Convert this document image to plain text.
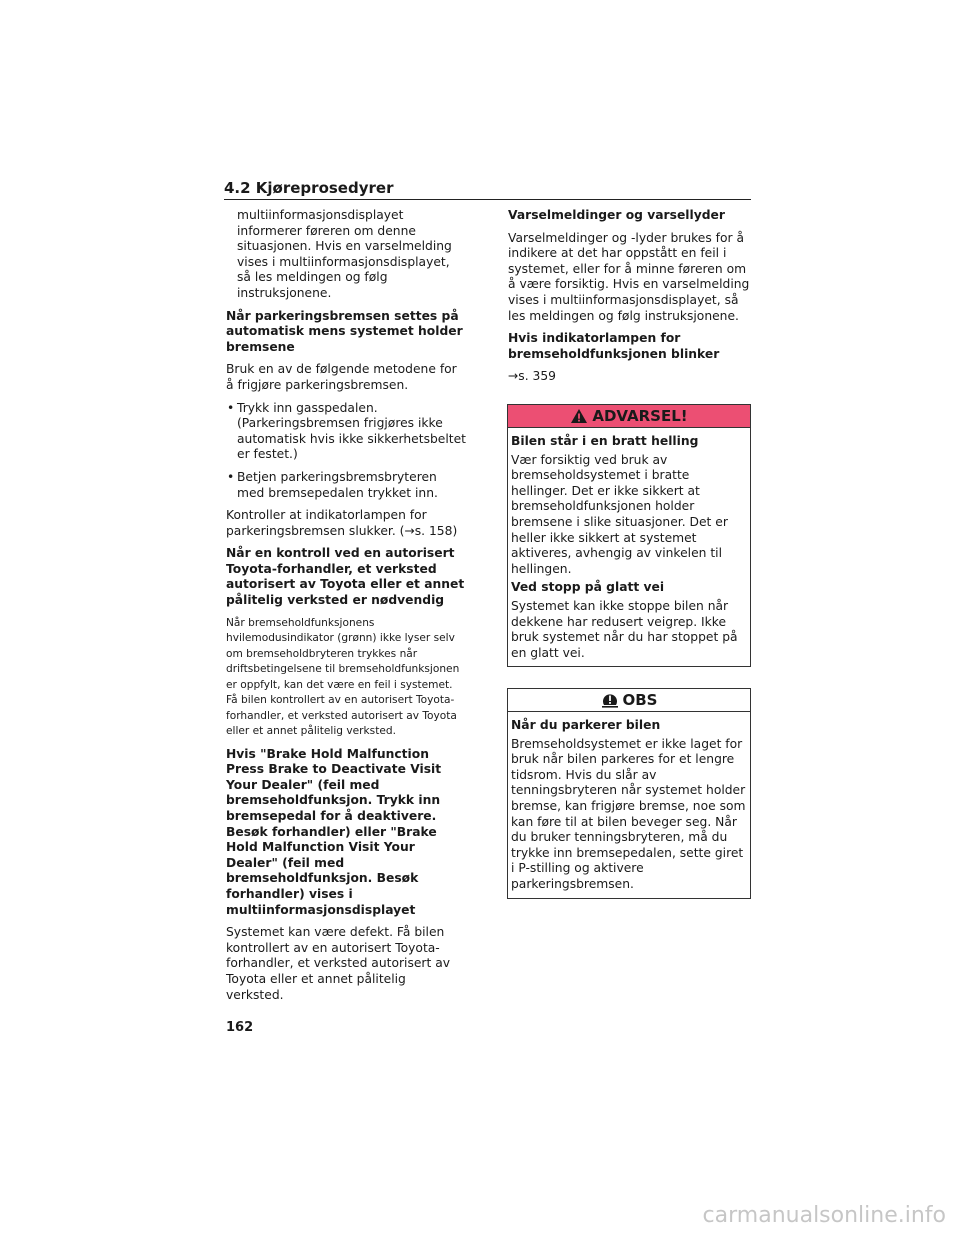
4.2 Kjøreprosedyrer

multiinformasjonsdisplayet informerer føreren om denne situasjonen. Hvis en varselmelding vises i multiinformasjonsdisplayet, så les meldingen og følg instruksjonene.

Når parkeringsbremsen settes på automatisk mens systemet holder bremsene

Bruk en av de følgende metodene for å frigjøre parkeringsbremsen.

• Trykk inn gasspedalen.
(Parkeringsbremsen frigjøres ikke automatisk hvis ikke sikkerhetsbeltet er festet.)
• Betjen parkeringsbremsbryteren med bremsepedalen trykket inn.

Kontroller at indikatorlampen for parkeringsbremsen slukker. (→s. 158)

Når en kontroll ved en autorisert Toyota-forhandler, et verksted autorisert av Toyota eller et annet pålitelig verksted er nødvendig

Når bremseholdfunksjonens hvilemodusindikator (grønn) ikke lyser selv om bremseholdbryteren trykkes når driftsbetingelsene til bremseholdfunksjonen er oppfylt, kan det være en feil i systemet. Få bilen kontrollert av en autorisert Toyota-forhandler, et verksted autorisert av Toyota eller et annet pålitelig verksted.

Hvis "Brake Hold Malfunction Press Brake to Deactivate Visit Your Dealer" (feil med bremseholdfunksjon. Trykk inn bremsepedal for å deaktivere. Besøk forhandler) eller "Brake Hold Malfunction Visit Your Dealer" (feil med bremseholdfunksjon. Besøk forhandler) vises i multiinformasjonsdisplayet

Systemet kan være defekt. Få bilen kontrollert av en autorisert Toyota-forhandler, et verksted autorisert av Toyota eller et annet pålitelig verksted.

Varselmeldinger og varsellyder

Varselmeldinger og -lyder brukes for å indikere at det har oppstått en feil i systemet, eller for å minne føreren om å være forsiktig. Hvis en varselmelding vises i multiinformasjonsdisplayet, så les meldingen og følg instruksjonene.

Hvis indikatorlampen for bremseholdfunksjonen blinker

→s. 359

ADVARSEL!

Bilen står i en bratt helling

Vær forsiktig ved bruk av bremseholdsystemet i bratte hellinger. Det er ikke sikkert at bremseholdfunksjonen holder bremsene i slike situasjoner. Det er heller ikke sikkert at systemet aktiveres, avhengig av vinkelen til hellingen.

Ved stopp på glatt vei

Systemet kan ikke stoppe bilen når dekkene har redusert veigrep. Ikke bruk systemet når du har stoppet på en glatt vei.

OBS

Når du parkerer bilen

Bremseholdsystemet er ikke laget for bruk når bilen parkeres for et lengre tidsrom. Hvis du slår av tenningsbryteren når systemet holder bremse, kan frigjøre bremse, noe som kan føre til at bilen beveger seg. Når du bruker tenningsbryteren, må du trykke inn bremsepedalen, sette giret i P-stilling og aktivere parkeringsbremsen.

162
carmanualsonline.info
